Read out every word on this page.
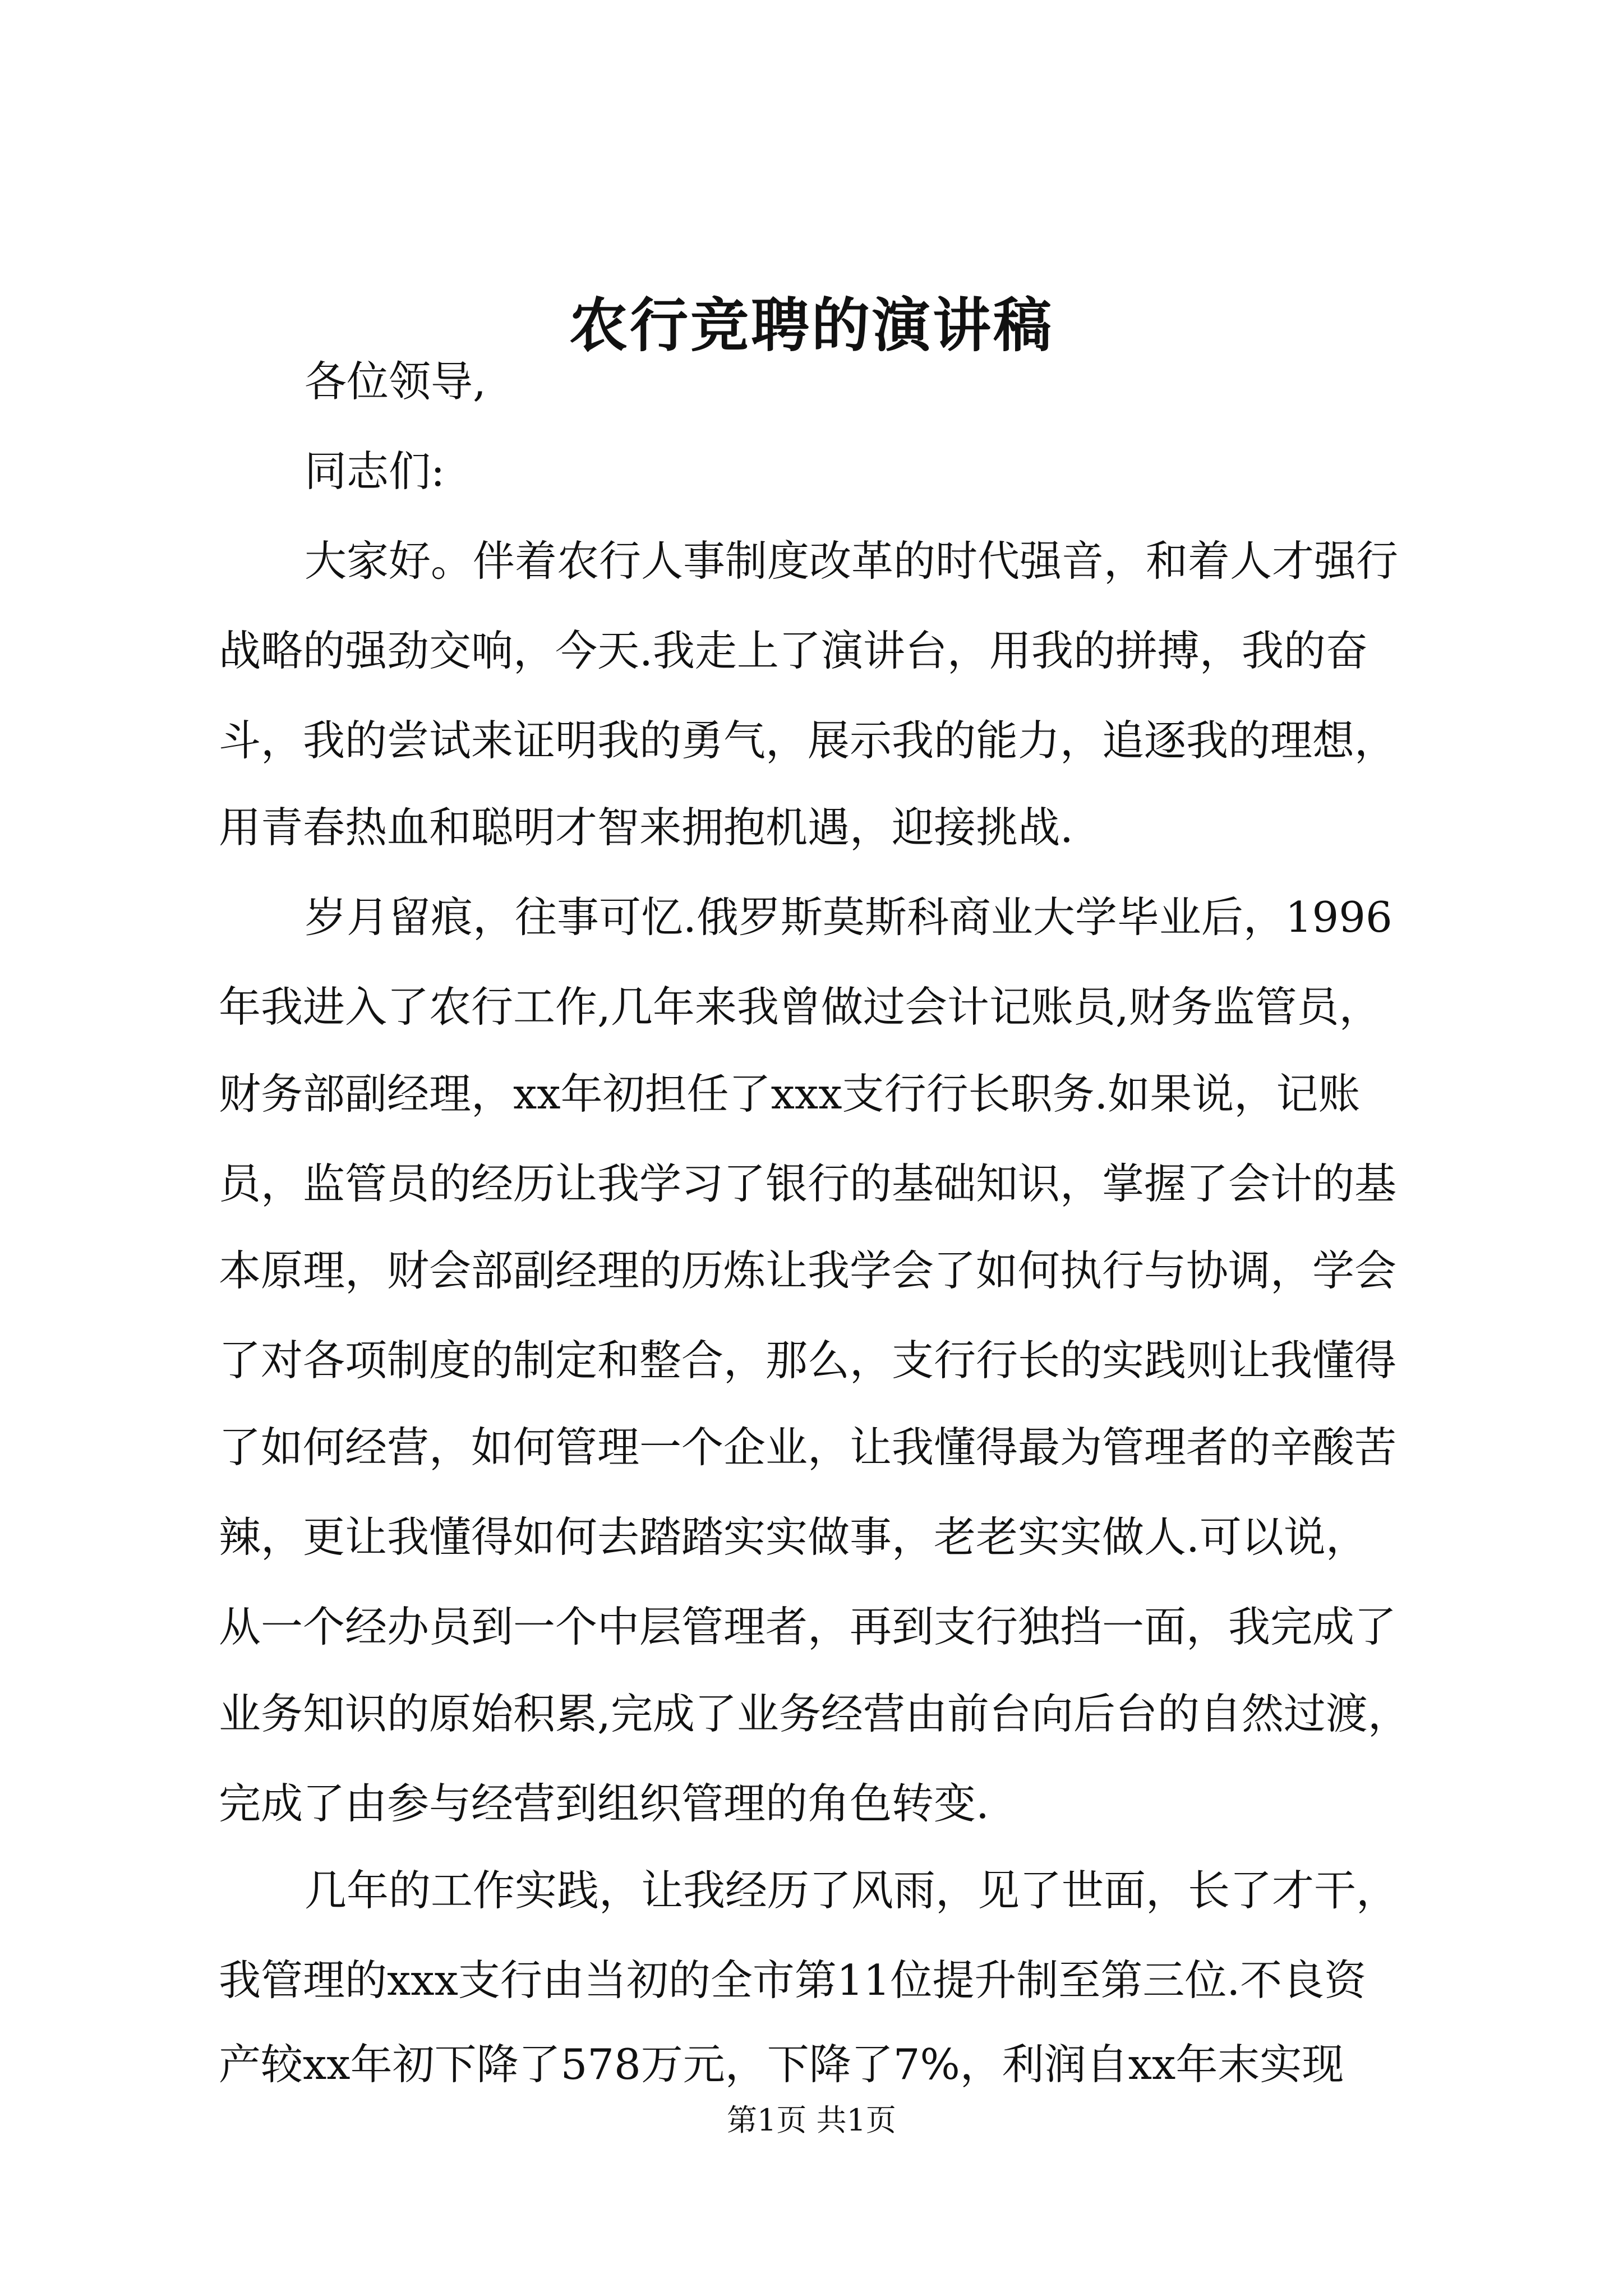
农行竞聘的演讲稿
各位领导,
同志们:
大家好。伴着农行人事制度改革的时代强音，和着人才强行
战略的强劲交响，今天.我走上了演讲台，用我的拼搏，我的奋
斗，我的尝试来证明我的勇气，展示我的能力，追逐我的理想，
用青春热血和聪明才智来拥抱机遇，迎接挑战.
岁月留痕，往事可忆.俄罗斯莫斯科商业大学毕业后，1996
年我进入了农行工作,几年来我曾做过会计记账员,财务监管员，
财务部副经理，xx年初担任了xxx支行行长职务.如果说，记账
员，监管员的经历让我学习了银行的基础知识，掌握了会计的基
本原理，财会部副经理的历炼让我学会了如何执行与协调，学会
了对各项制度的制定和整合，那么，支行行长的实践则让我懂得
了如何经营，如何管理一个企业，让我懂得最为管理者的辛酸苦
辣，更让我懂得如何去踏踏实实做事，老老实实做人.可以说，
从一个经办员到一个中层管理者，再到支行独挡一面，我完成了
业务知识的原始积累,完成了业务经营由前台向后台的自然过渡，
完成了由参与经营到组织管理的角色转变.
几年的工作实践，让我经历了风雨，见了世面，长了才干，
我管理的xxx支行由当初的全市第11位提升制至第三位.不良资
产较xx年初下降了578万元，下降了7%，利润自xx年末实现
第1页 共1页
